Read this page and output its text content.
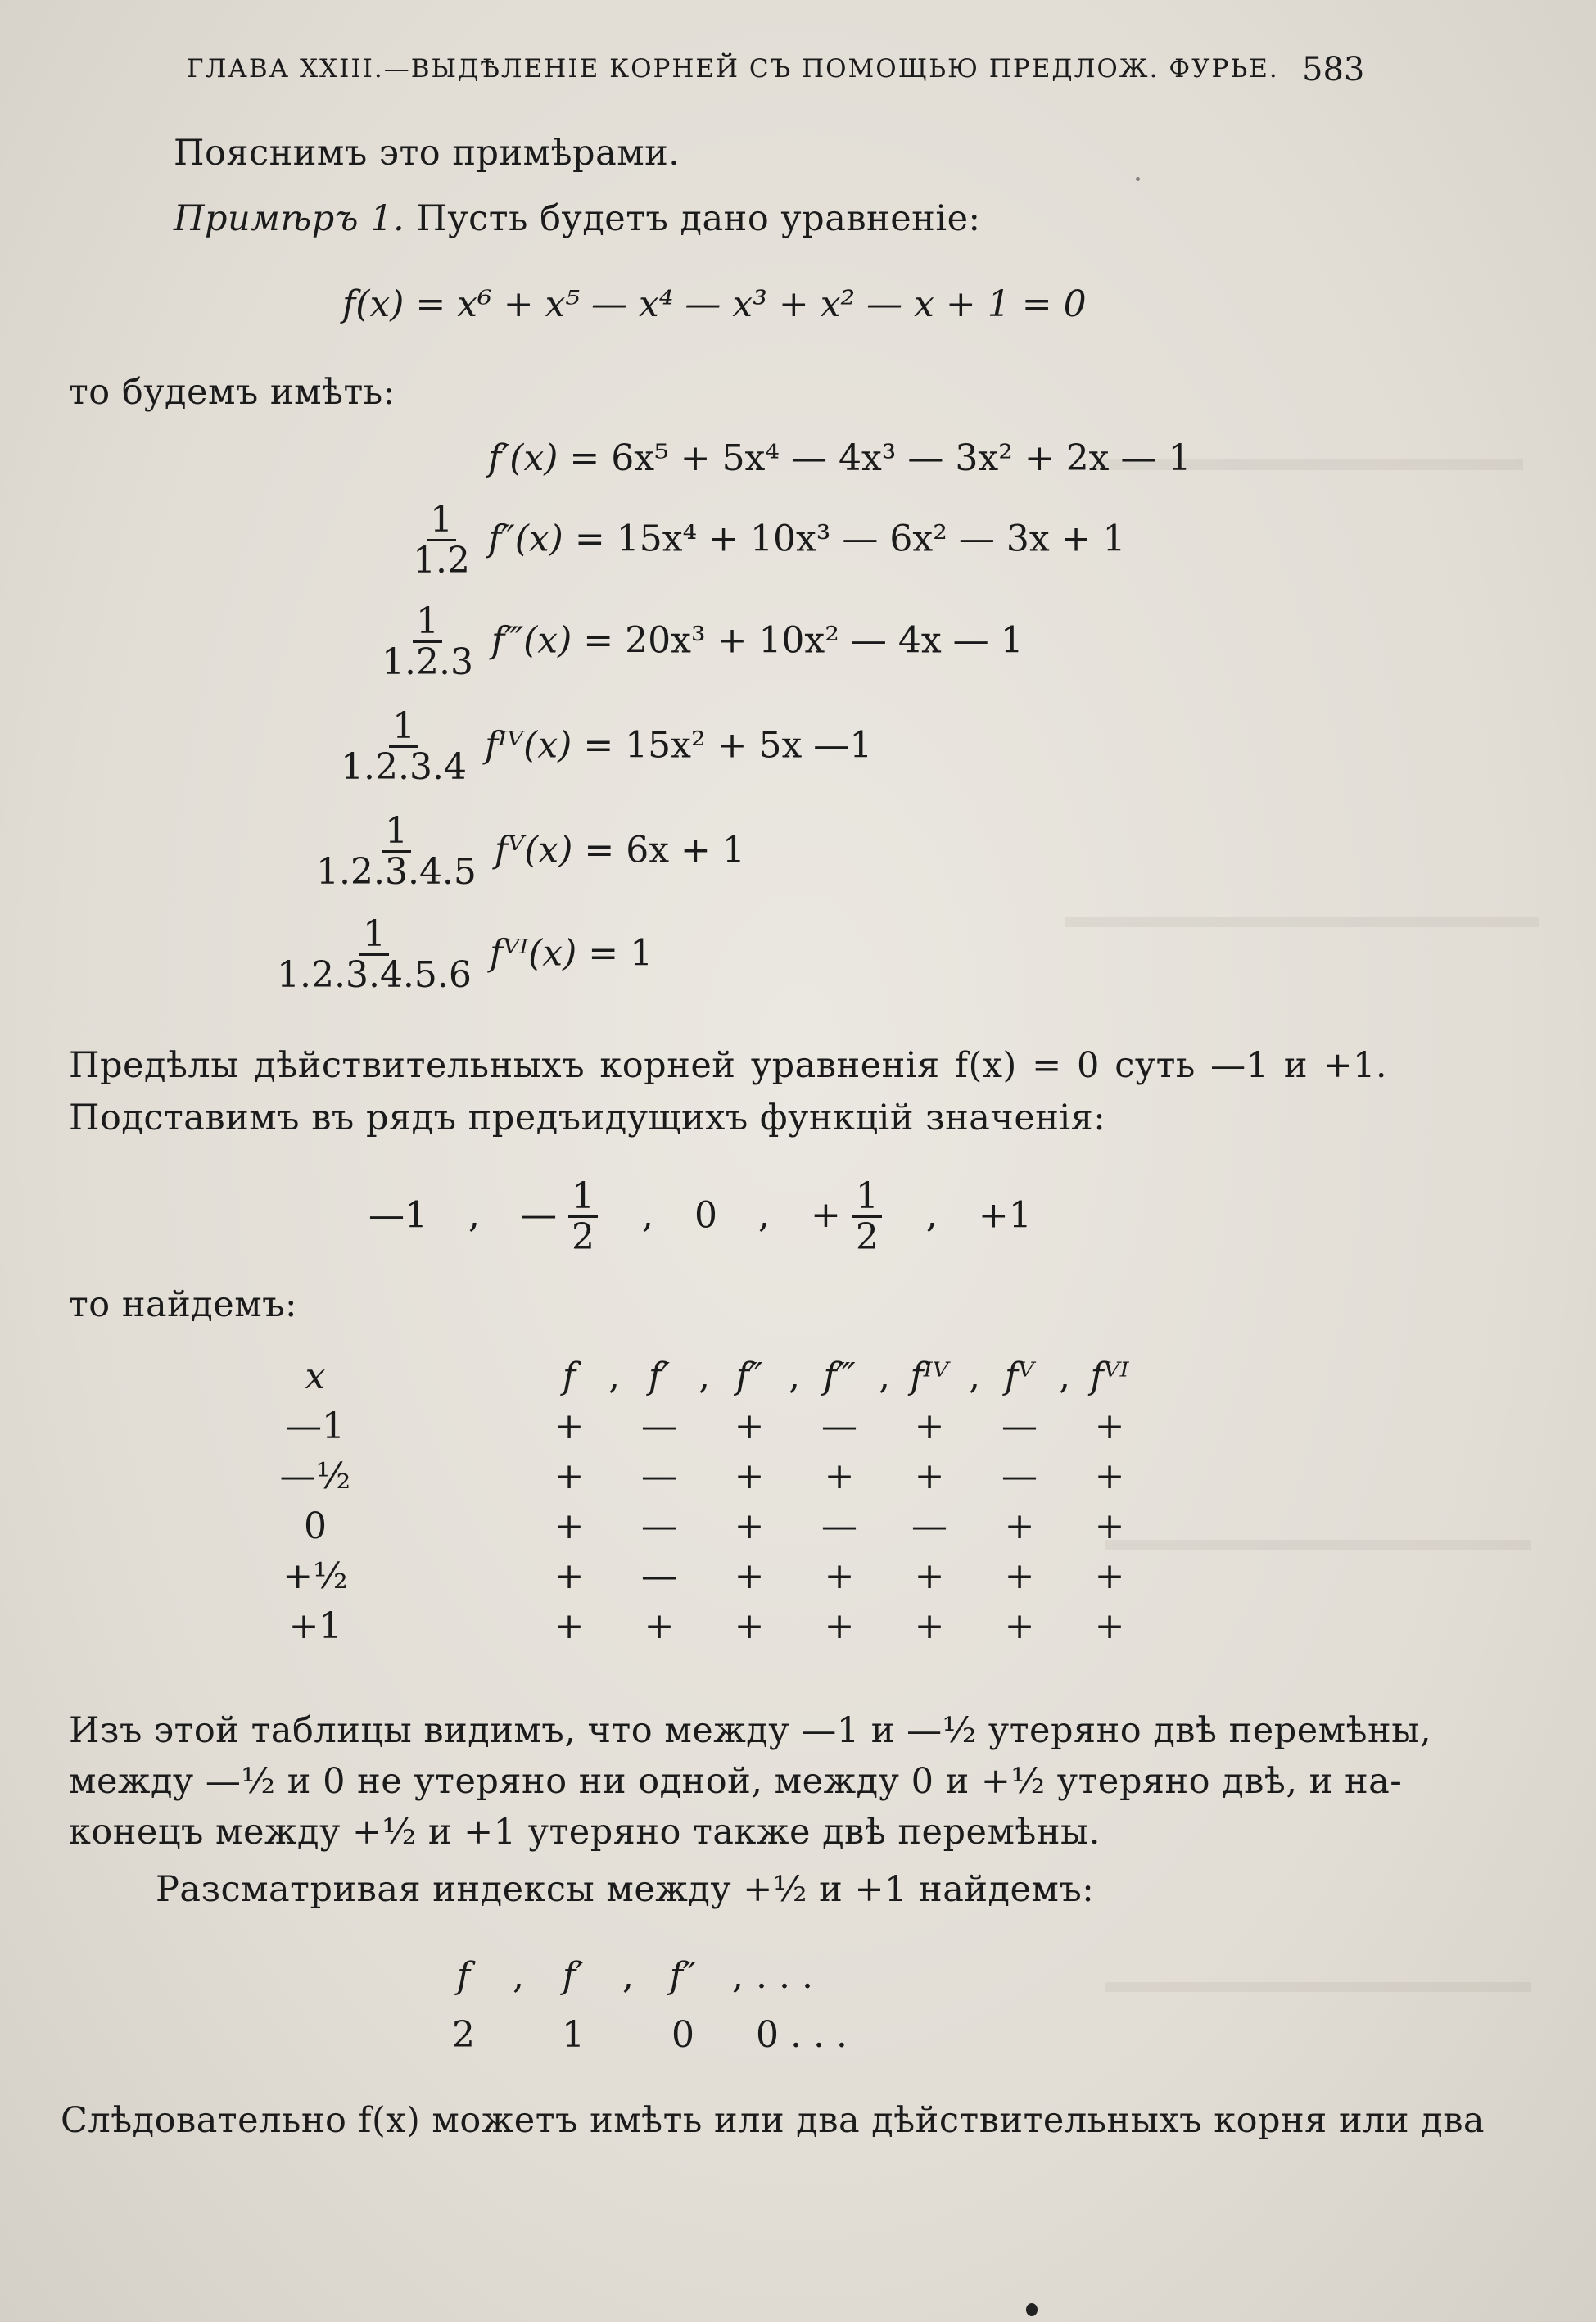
ГЛАВА XXIII.—ВЫДѢЛЕНІЕ КОРНЕЙ СЪ ПОМОЩЬЮ ПРЕДЛОЖ. ФУРЬЕ. 583
Пояснимъ это примѣрами.
Примѣръ 1. Пусть будетъ дано уравненіе:
f(x) = x⁶ + x⁵ — x⁴ — x³ + x² — x + 1 = 0
то будемъ имѣть:
f′(x) = 6x⁵ + 5x⁴ — 4x³ — 3x² + 2x — 1
$\frac{1}{1.2} f''(x) = 15x^4 + 10x^3$ — 6x² — 3x + 1
$\frac{1}{1.2.3}$ f‴(x) = 20x³ + 10x² — 4x — 1
$\frac{1}{1.2.3.4}$ fᴵⱽ(x) = 15x² + 5x —1
$\frac{1}{1.2.3.4.5}$ fⱽ(x) = 6x + 1
$\frac{1}{1.2.3.4.5.6}$ fⱽᴵ(x) = 1
Предѣлы дѣйствительныхъ корней уравненія f(x) = 0 суть —1 и +1.
Подставимъ въ рядъ предъидущихъ функцій значенія:
—1 , — $\frac{1}{2}$ , 0 , + $\frac{1}{2}$ , +1
то найдемъ:
x		f	,	f′	,	f″	,	f‴	,	fᴵⱽ	,	fⱽ	,	fⱽᴵ
—1		+		—		+		—		+		—		+
—½		+		—		+		+		+		—		+
0		+		—		+		—		—		+		+
+½		+		—		+		+		+		+		+
+1		+		+		+		+		+		+		+
Изъ этой таблицы видимъ, что между —1 и —½ утеряно двѣ перемѣны,
между —½ и 0 не утеряно ни одной, между 0 и +½ утеряно двѣ, и на-
конецъ между +½ и +1 утеряно также двѣ перемѣны.
Разсматривая индексы между +½ и +1 найдемъ:
f	,	f′	,	f″	,	. . .
2		1		0		0 . . .
Слѣдовательно f(x) можетъ имѣть или два дѣйствительныхъ корня или два
